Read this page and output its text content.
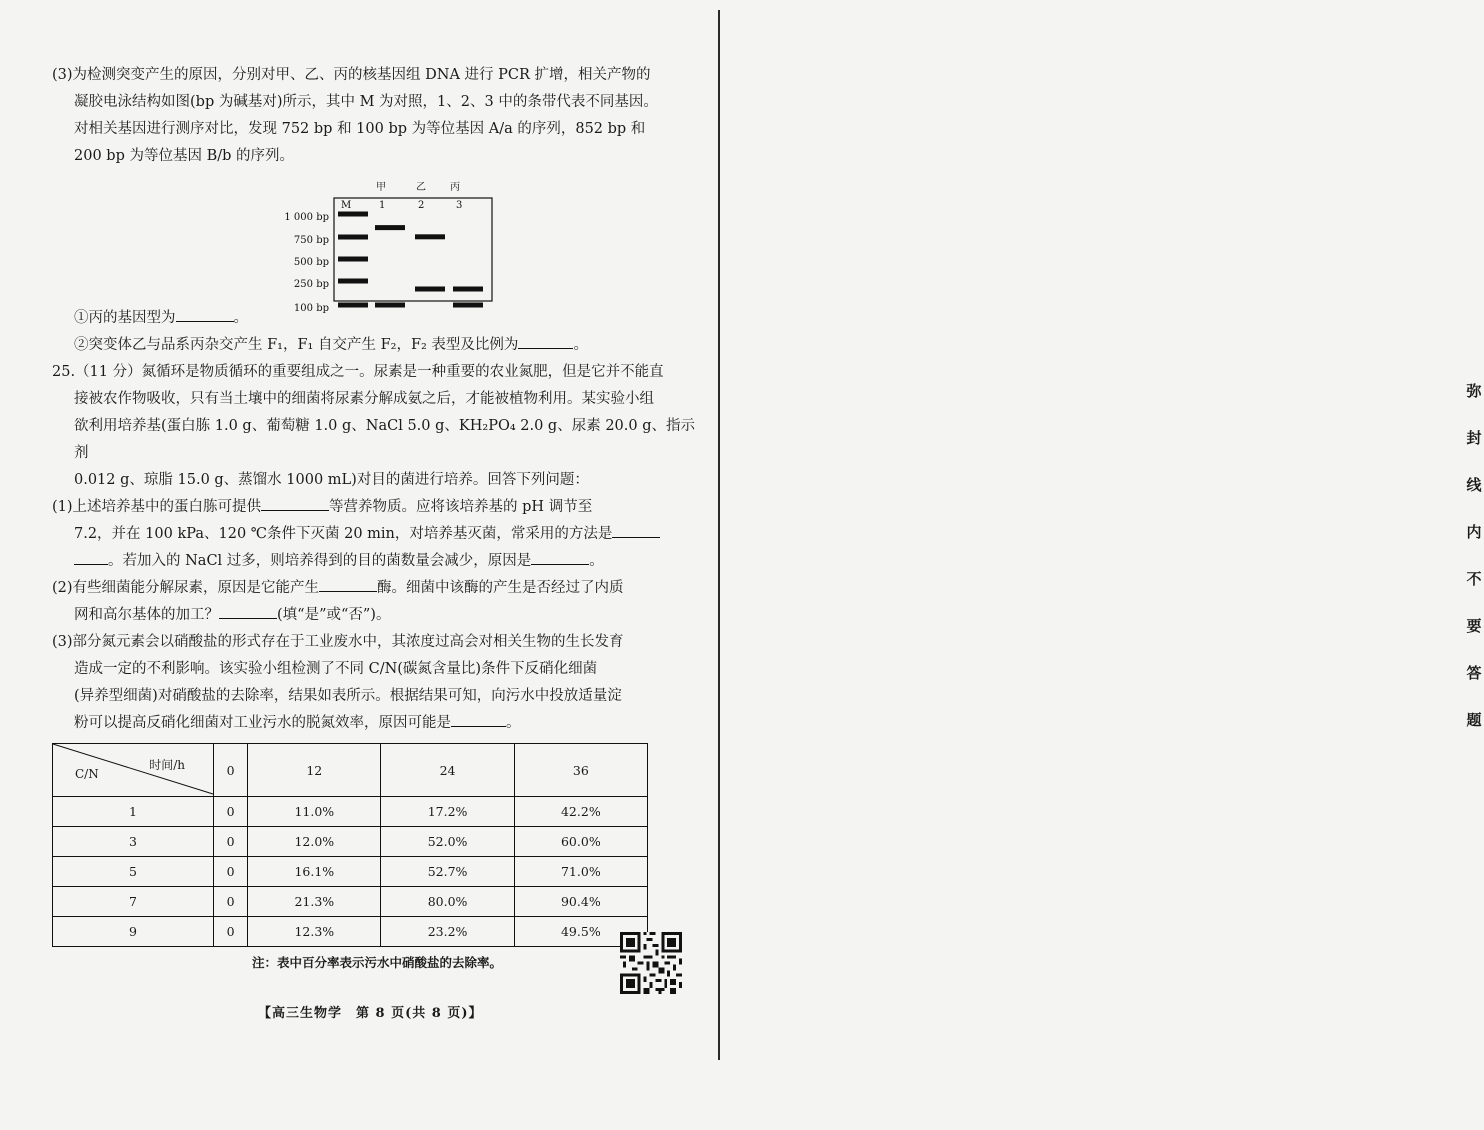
弥
封
线
内
不
要
答
题

(3)为检测突变产生的原因，分别对甲、乙、丙的核基因组 DNA 进行 PCR 扩增，相关产物的

凝胶电泳结构如图(bp 为碱基对)所示，其中 M 为对照，1、2、3 中的条带代表不同基因。

对相关基因进行测序对比，发现 752 bp 和 100 bp 为等位基因 A/a 的序列，852 bp 和

200 bp 为等位基因 B/b 的序列。

甲	乙 丙
M	1	2	3
1 000 bp
750 bp
500 bp
250 bp
100 bp

①丙的基因型为	。

②突变体乙与品系丙杂交产生 F₁，F₁ 自交产生 F₂，F₂ 表型及比例为	。

25.（11 分）氮循环是物质循环的重要组成之一。尿素是一种重要的农业氮肥，但是它并不能直

接被农作物吸收，只有当土壤中的细菌将尿素分解成氨之后，才能被植物利用。某实验小组

欲利用培养基(蛋白胨 1.0 g、葡萄糖 1.0 g、NaCl 5.0 g、KH₂PO₄ 2.0 g、尿素 20.0 g、指示剂

0.012 g、琼脂 15.0 g、蒸馏水 1000 mL)对目的菌进行培养。回答下列问题：

(1)上述培养基中的蛋白胨可提供	等营养物质。应将该培养基的 pH 调节至

7.2，并在 100 kPa、120 ℃条件下灭菌 20 min，对培养基灭菌，常采用的方法是

。若加入的 NaCl 过多，则培养得到的目的菌数量会减少，原因是	。

(2)有些细菌能分解尿素，原因是它能产生	酶。细菌中该酶的产生是否经过了内质

网和高尔基体的加工？	(填“是”或“否”)。

(3)部分氮元素会以硝酸盐的形式存在于工业废水中，其浓度过高会对相关生物的生长发育

造成一定的不利影响。该实验小组检测了不同 C/N(碳氮含量比)条件下反硝化细菌

(异养型细菌)对硝酸盐的去除率，结果如表所示。根据结果可知，向污水中投放适量淀

粉可以提高反硝化细菌对工业污水的脱氮效率，原因可能是	。

时间/h
C/N	0	12	24	36
1	0	11.0%	17.2%	42.2%
3	0	12.0%	52.0%	60.0%
5	0	16.1%	52.7%	71.0%
7	0	21.3%	80.0%	90.4%
9	0	12.3%	23.2%	49.5%
注：表中百分率表示污水中硝酸盐的去除率。
【高三生物学　第 8 页(共 8 页)】
